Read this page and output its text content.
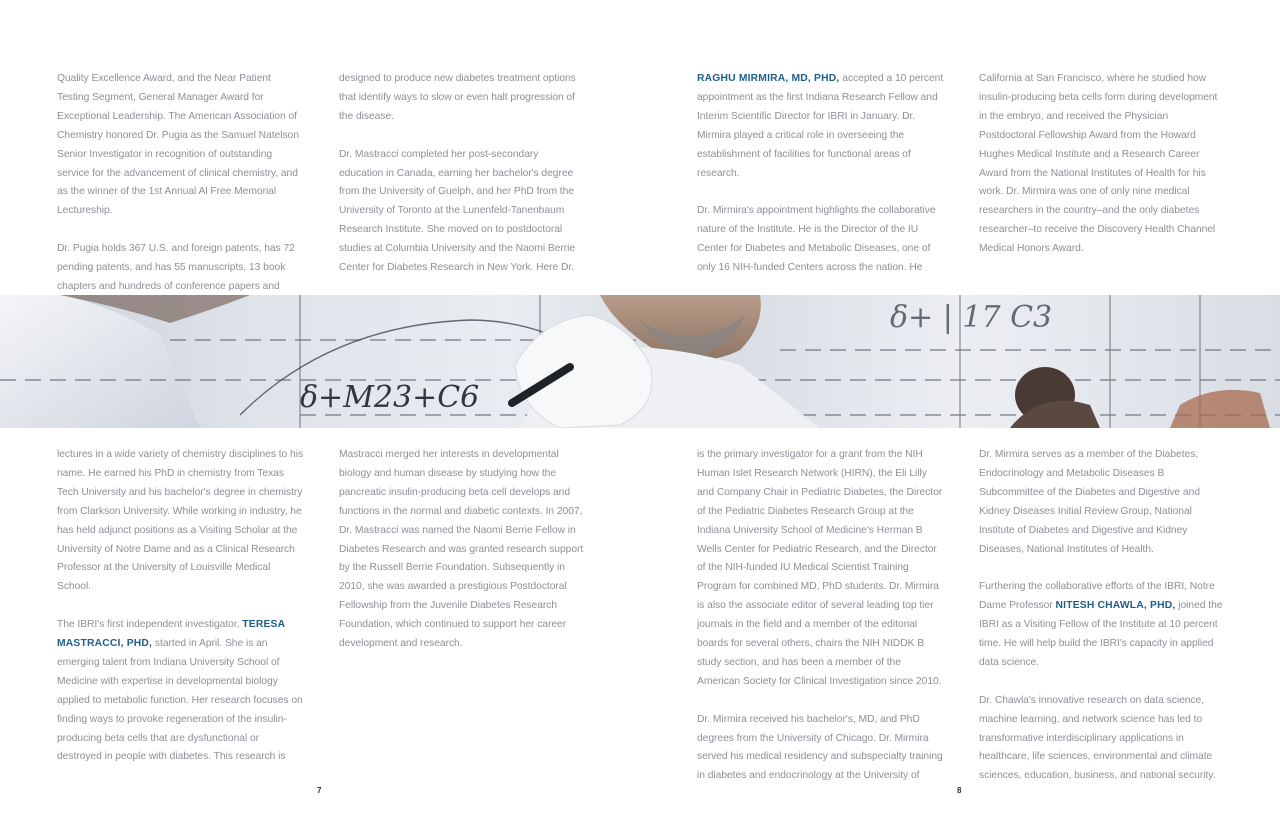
Quality Excellence Award, and the Near Patient Testing Segment, General Manager Award for Exceptional Leadership. The American Association of Chemistry honored Dr. Pugia as the Samuel Natelson Senior Investigator in recognition of outstanding service for the advancement of clinical chemistry, and as the winner of the 1st Annual Al Free Memorial Lectureship.

Dr. Pugia holds 367 U.S. and foreign patents, has 72 pending patents, and has 55 manuscripts, 13 book chapters and hundreds of conference papers and

designed to produce new diabetes treatment options that identify ways to slow or even halt progression of the disease.

Dr. Mastracci completed her post-secondary education in Canada, earning her bachelor's degree from the University of Guelph, and her PhD from the University of Toronto at the Lunenfeld-Tanenbaum Research Institute. She moved on to postdoctoral studies at Columbia University and the Naomi Berrie Center for Diabetes Research in New York. Here Dr.

RAGHU MIRMIRA, MD, PHD, accepted a 10 percent appointment as the first Indiana Research Fellow and Interim Scientific Director for IBRI in January. Dr. Mirmira played a critical role in overseeing the establishment of facilities for functional areas of research.

Dr. Mirmira's appointment highlights the collaborative nature of the Institute. He is the Director of the IU Center for Diabetes and Metabolic Diseases, one of only 16 NIH-funded Centers across the nation. He

California at San Francisco, where he studied how insulin-producing beta cells form during development in the embryo, and received the Physician Postdoctoral Fellowship Award from the Howard Hughes Medical Institute and a Research Career Award from the National Institutes of Health for his work. Dr. Mirmira was one of only nine medical researchers in the country–and the only diabetes researcher–to receive the Discovery Health Channel Medical Honors Award.

δ+M23+C6
δ+ | 17 C3

lectures in a wide variety of chemistry disciplines to his name. He earned his PhD in chemistry from Texas Tech University and his bachelor's degree in chemistry from Clarkson University. While working in industry, he has held adjunct positions as a Visiting Scholar at the University of Notre Dame and as a Clinical Research Professor at the University of Louisville Medical School.

The IBRI's first independent investigator, TERESA MASTRACCI, PHD, started in April. She is an emerging talent from Indiana University School of Medicine with expertise in developmental biology applied to metabolic function. Her research focuses on finding ways to provoke regeneration of the insulin-producing beta cells that are dysfunctional or destroyed in people with diabetes. This research is

Mastracci merged her interests in developmental biology and human disease by studying how the pancreatic insulin-producing beta cell develops and functions in the normal and diabetic contexts. In 2007, Dr. Mastracci was named the Naomi Berrie Fellow in Diabetes Research and was granted research support by the Russell Berrie Foundation. Subsequently in 2010, she was awarded a prestigious Postdoctoral Fellowship from the Juvenile Diabetes Research Foundation, which continued to support her career development and research.

is the primary investigator for a grant from the NIH Human Islet Research Network (HIRN), the Eli Lilly and Company Chair in Pediatric Diabetes, the Director of the Pediatric Diabetes Research Group at the Indiana University School of Medicine's Herman B Wells Center for Pediatric Research, and the Director of the NIH-funded IU Medical Scientist Training Program for combined MD, PhD students. Dr. Mirmira is also the associate editor of several leading top tier journals in the field and a member of the editorial boards for several others, chairs the NIH NIDDK B study section, and has been a member of the American Society for Clinical Investigation since 2010.

Dr. Mirmira received his bachelor's, MD, and PhD degrees from the University of Chicago. Dr. Mirmira served his medical residency and subspecialty training in diabetes and endocrinology at the University of

Dr. Mirmira serves as a member of the Diabetes, Endocrinology and Metabolic Diseases B Subcommittee of the Diabetes and Digestive and Kidney Diseases Initial Review Group, National Institute of Diabetes and Digestive and Kidney Diseases, National Institutes of Health.

Furthering the collaborative efforts of the IBRI, Notre Dame Professor NITESH CHAWLA, PHD, joined the IBRI as a Visiting Fellow of the Institute at 10 percent time. He will help build the IBRI's capacity in applied data science.

Dr. Chawla's innovative research on data science, machine learning, and network science has led to transformative interdisciplinary applications in healthcare, life sciences, environmental and climate sciences, education, business, and national security.

7	8
